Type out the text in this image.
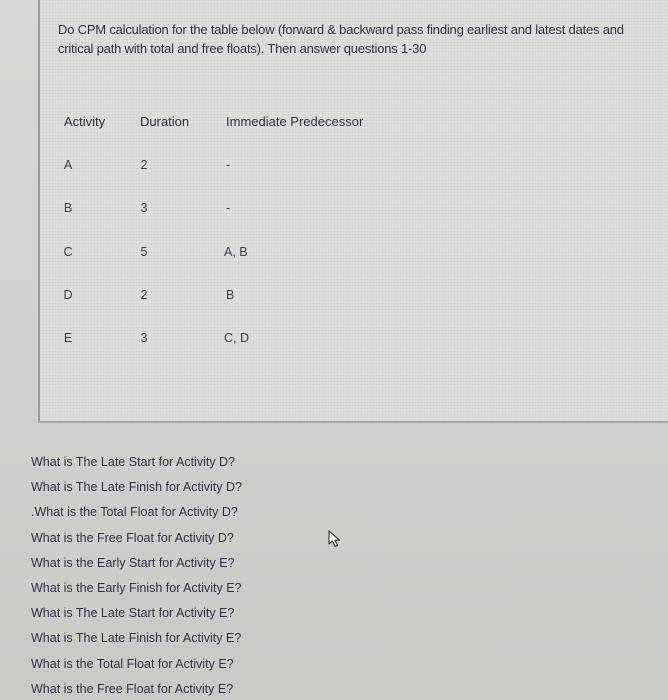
Do CPM calculation for the table below (forward & backward pass finding earliest and latest dates and critical path with total and free floats). Then answer questions 1-30
Activity	Duration	Immediate Predecessor
A	2	-
B	3	-
C	5	A, B
D	2	B
E	3	C, D
What is The Late Start for Activity D?
What is The Late Finish for Activity D?
.What is the Total Float for Activity D?
What is the Free Float for Activity D?
What is the Early Start for Activity E?
What is the Early Finish for Activity E?
What is The Late Start for Activity E?
What is The Late Finish for Activity E?
What is the Total Float for Activity E?
What is the Free Float for Activity E?
